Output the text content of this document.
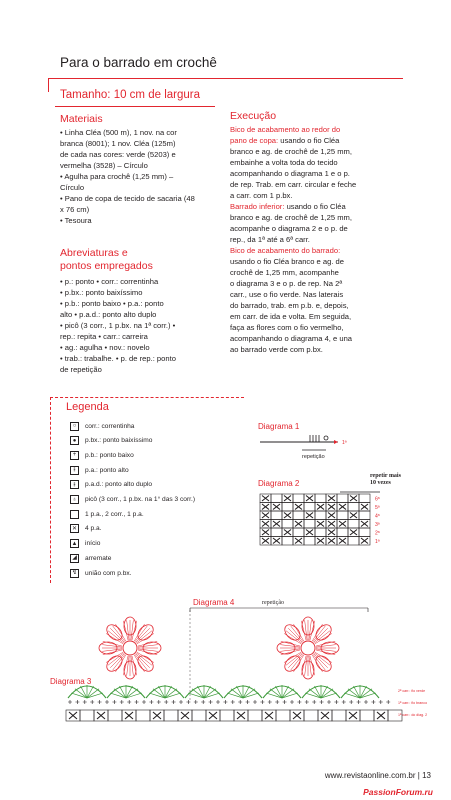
Para o barrado em crochê
Tamanho: 10 cm de largura
Materiais
• Linha Cléa (500 m), 1 nov. na cor
branca (8001); 1 nov. Cléa (125m)
de cada nas cores: verde (5203) e
vermelha (3528) – Círculo
• Agulha para crochê (1,25 mm) –
Círculo
• Pano de copa de tecido de sacaria (48
x 76 cm)
• Tesoura
Abreviaturas e
pontos empregados
• p.: ponto • corr.: correntinha
• p.bx.: ponto baixíssimo
• p.b.: ponto baixo • p.a.: ponto
alto • p.a.d.: ponto alto duplo
• picô (3 corr., 1 p.bx. na 1ª corr.) •
rep.: repita • carr.: carreira
• ag.: agulha • nov.: novelo
• trab.: trabalhe. • p. de rep.: ponto
de repetição
Execução
Bico de acabamento ao redor do
pano de copa: usando o fio Cléa
branco e ag. de crochê de 1,25 mm,
embainhe a volta toda do tecido
acompanhando o diagrama 1 e o p.
de rep. Trab. em carr. circular e feche
a carr. com 1 p.bx.
Barrado inferior: usando o fio Cléa
branco e ag. de crochê de 1,25 mm,
acompanhe o diagrama 2 e o p. de
rep., da 1ª até a 6ª carr.
Bico de acabamento do barrado:
usando o fio Cléa branco e ag. de
crochê de 1,25 mm, acompanhe
o diagrama 3 e o p. de rep. Na 2ª
carr., use o fio verde. Nas laterais
do barrado, trab. em p.b. e, depois,
em carr. de ida e volta. Em seguida,
faça as flores com o fio vermelho,
acompanhando o diagrama 4, e una
ao barrado verde com p.bx.
Legenda
○	corr.: correntinha
●	p.bx.: ponto baixíssimo
+	p.b.: ponto baixo
⫲	p.a.: ponto alto
⫲	p.a.d.: ponto alto duplo
♁	picô (3 corr., 1 p.bx. na 1° das 3 corr.)
1 p.a., 2 corr., 1 p.a.
✕	4 p.a.
▲ início
◢	arremate
↯	união com p.bx.
Diagrama 1
1ª
repetição
Diagrama 2
repetir mais
10 vezes
6ª
5ª
4ª
3ª
2ª
1ª
Diagrama 4	repetição
Diagrama 3
2ª carr.: fio verde
1ª carr.: fio branco
1ª carr.: do diag. 2
www.revistaonline.com.br | 13
PassionForum.ru
